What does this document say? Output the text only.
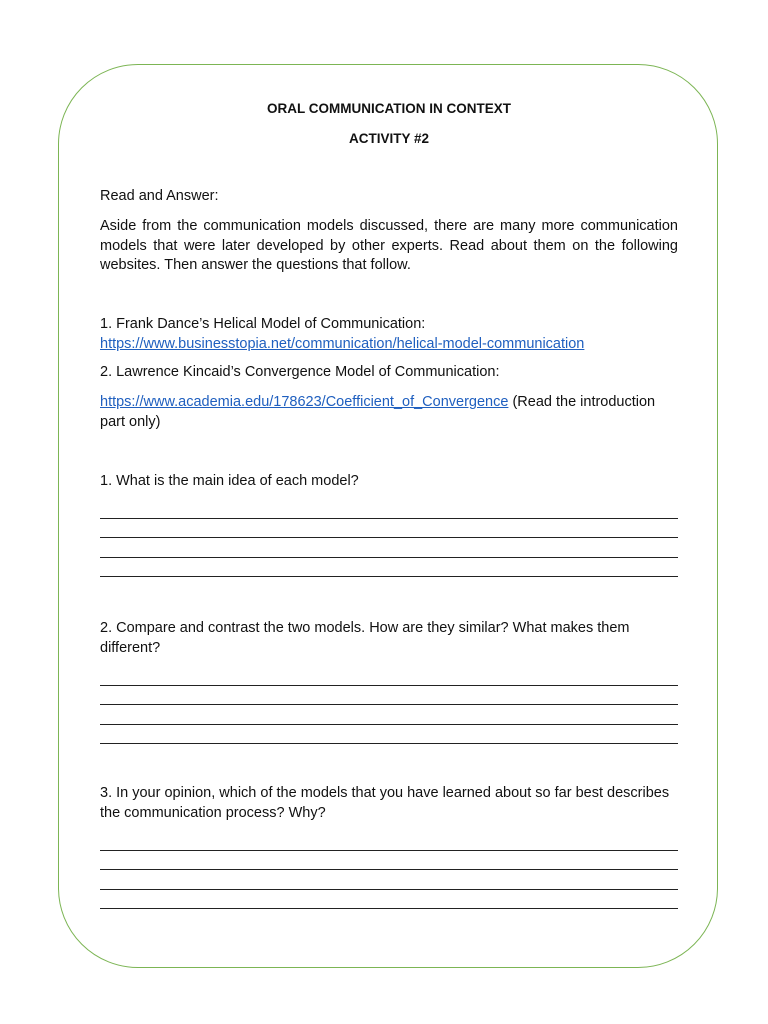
ORAL COMMUNICATION IN CONTEXT

ACTIVITY #2

Read and Answer:

Aside from the communication models discussed, there are many more communication models that were later developed by other experts. Read about them on the following websites. Then answer the questions that follow.

1. Frank Dance’s Helical Model of Communication:
https://www.businesstopia.net/communication/helical-model-communication

2. Lawrence Kincaid’s Convergence Model of Communication:

https://www.academia.edu/178623/Coefficient_of_Convergence (Read the introduction part only)

1. What is the main idea of each model?

2. Compare and contrast the two models. How are they similar? What makes them different?

3. In your opinion, which of the models that you have learned about so far best describes the communication process? Why?
